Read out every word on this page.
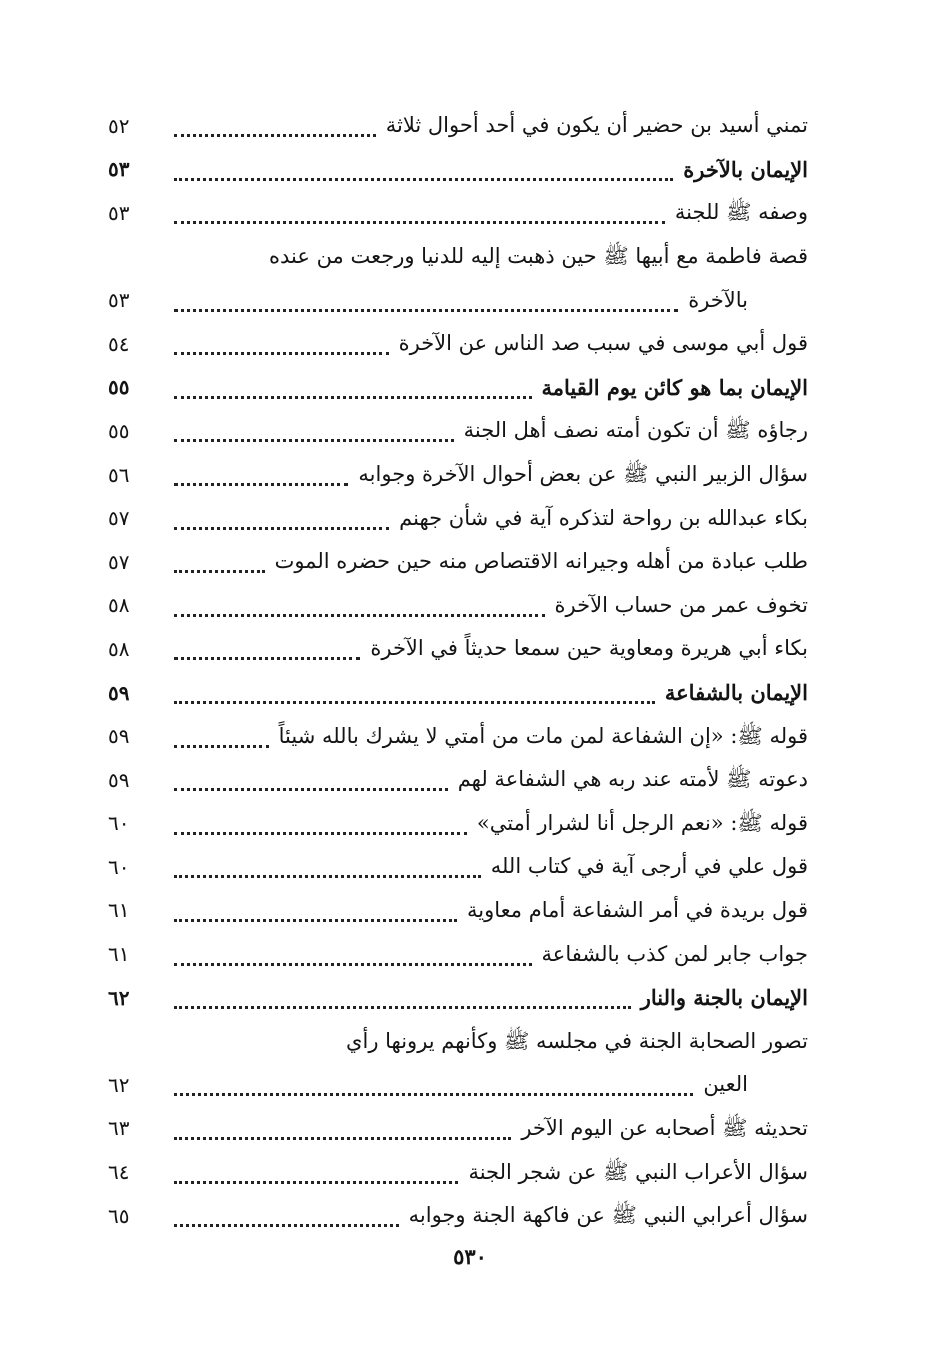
تمني أسيد بن حضير أن يكون في أحد أحوال ثلاثة
٥٢
الإيمان بالآخرة
٥٣
وصفه ﷺ للجنة
٥٣
قصة فاطمة مع أبيها ﷺ حين ذهبت إليه للدنيا ورجعت من عنده
بالآخرة
٥٣
قول أبي موسى في سبب صد الناس عن الآخرة
٥٤
الإيمان بما هو كائن يوم القيامة
٥٥
رجاؤه ﷺ أن تكون أمته نصف أهل الجنة
٥٥
سؤال الزبير النبي ﷺ عن بعض أحوال الآخرة وجوابه
٥٦
بكاء عبدالله بن رواحة لتذكره آية في شأن جهنم
٥٧
طلب عبادة من أهله وجيرانه الاقتصاص منه حين حضره الموت
٥٧
تخوف عمر من حساب الآخرة
٥٨
بكاء أبي هريرة ومعاوية حين سمعا حديثاً في الآخرة
٥٨
الإيمان بالشفاعة
٥٩
قوله ﷺ: «إن الشفاعة لمن مات من أمتي لا يشرك بالله شيئاً
٥٩
دعوته ﷺ لأمته عند ربه هي الشفاعة لهم
٥٩
قوله ﷺ: «نعم الرجل أنا لشرار أمتي»
٦٠
قول علي في أرجى آية في كتاب الله
٦٠
قول بريدة في أمر الشفاعة أمام معاوية
٦١
جواب جابر لمن كذب بالشفاعة
٦١
الإيمان بالجنة والنار
٦٢
تصور الصحابة الجنة في مجلسه ﷺ وكأنهم يرونها رأي
العين
٦٢
تحديثه ﷺ أصحابه عن اليوم الآخر
٦٣
سؤال الأعراب النبي ﷺ عن شجر الجنة
٦٤
سؤال أعرابي النبي ﷺ عن فاكهة الجنة وجوابه
٦٥
٥٣٠
